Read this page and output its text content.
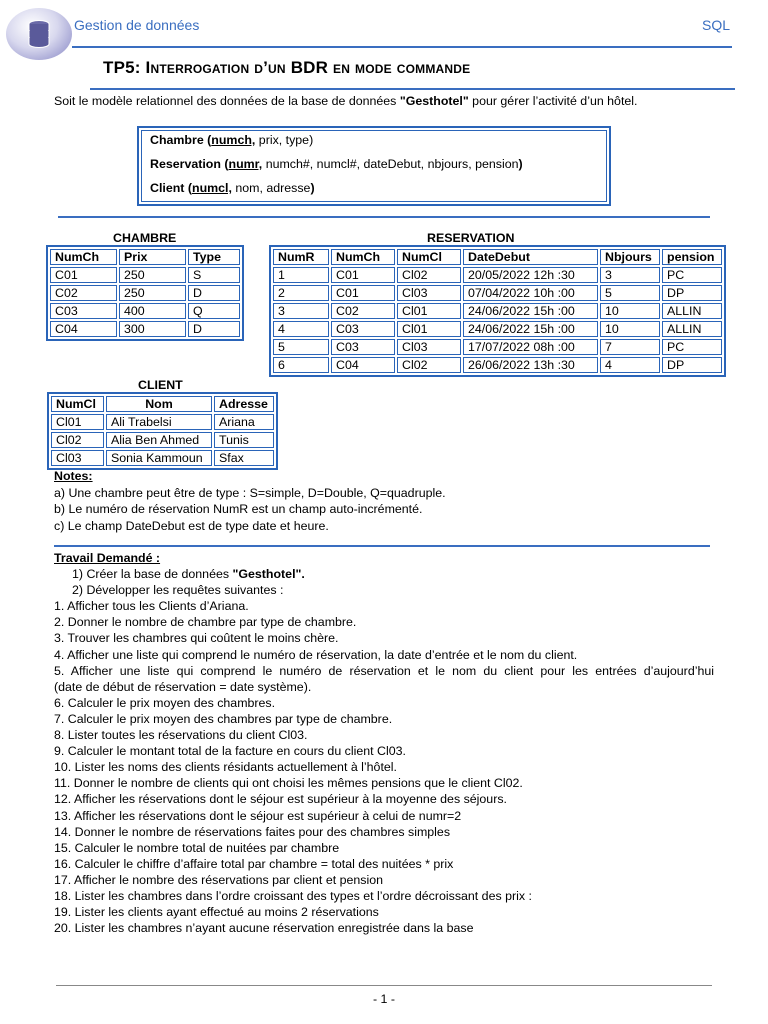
Gestion de données	SQL
TP5: Interrogation d’un BDR en mode commande
Soit le modèle relationnel des données de la base de données "Gesthotel" pour gérer l’activité d’un hôtel.
Chambre (numch, prix, type)
Reservation (numr, numch#, numcl#, dateDebut, nbjours, pension)
Client (numcl, nom, adresse)
CHAMBRE
NumCh	Prix	Type
C01	250	S
C02	250	D
C03	400	Q
C04	300	D
RESERVATION
NumR	NumCh	NumCl	DateDebut	Nbjours	pension
1	C01	Cl02	20/05/2022 12h :30	3	PC
2	C01	Cl03	07/04/2022 10h :00	5	DP
3	C02	Cl01	24/06/2022 15h :00	10	ALLIN
4	C03	Cl01	24/06/2022 15h :00	10	ALLIN
5	C03	Cl03	17/07/2022 08h :00	7	PC
6	C04	Cl02	26/06/2022 13h :30	4	DP
CLIENT
NumCl	Nom	Adresse
Cl01	Ali Trabelsi	Ariana
Cl02	Alia Ben Ahmed	Tunis
Cl03	Sonia Kammoun	Sfax
Notes:
a) Une chambre peut être de type : S=simple, D=Double, Q=quadruple.
b) Le numéro de réservation NumR est un champ auto-incrémenté.
c) Le champ DateDebut est de type date et heure.
Travail Demandé :
1) Créer la base de données "Gesthotel".
2) Développer les requêtes suivantes :
1. Afficher tous les Clients d’Ariana.
2. Donner le nombre de chambre par type de chambre.
3. Trouver les chambres qui coûtent le moins chère.
4. Afficher une liste qui comprend le numéro de réservation, la date d’entrée et le nom du client.
5. Afficher une liste qui comprend le numéro de réservation et le nom du client pour les entrées d’aujourd’hui
(date de début de réservation = date système).
6. Calculer le prix moyen des chambres.
7. Calculer le prix moyen des chambres par type de chambre.
8. Lister toutes les réservations du client Cl03.
9. Calculer le montant total de la facture en cours du client Cl03.
10. Lister les noms des clients résidants actuellement à l’hôtel.
11. Donner le nombre de clients qui ont choisi les mêmes pensions que le client Cl02.
12. Afficher les réservations dont le séjour est supérieur à la moyenne des séjours.
13. Afficher les réservations dont le séjour est supérieur à celui de numr=2
14. Donner le nombre de réservations faites pour des chambres simples
15. Calculer le nombre total de nuitées par chambre
16. Calculer le chiffre d’affaire total par chambre = total des nuitées * prix
17. Afficher le nombre des réservations par client et pension
18. Lister les chambres dans l’ordre croissant des types et l’ordre décroissant des prix :
19. Lister les clients ayant effectué au moins 2 réservations
20. Lister les chambres n’ayant aucune réservation enregistrée dans la base
- 1 -
